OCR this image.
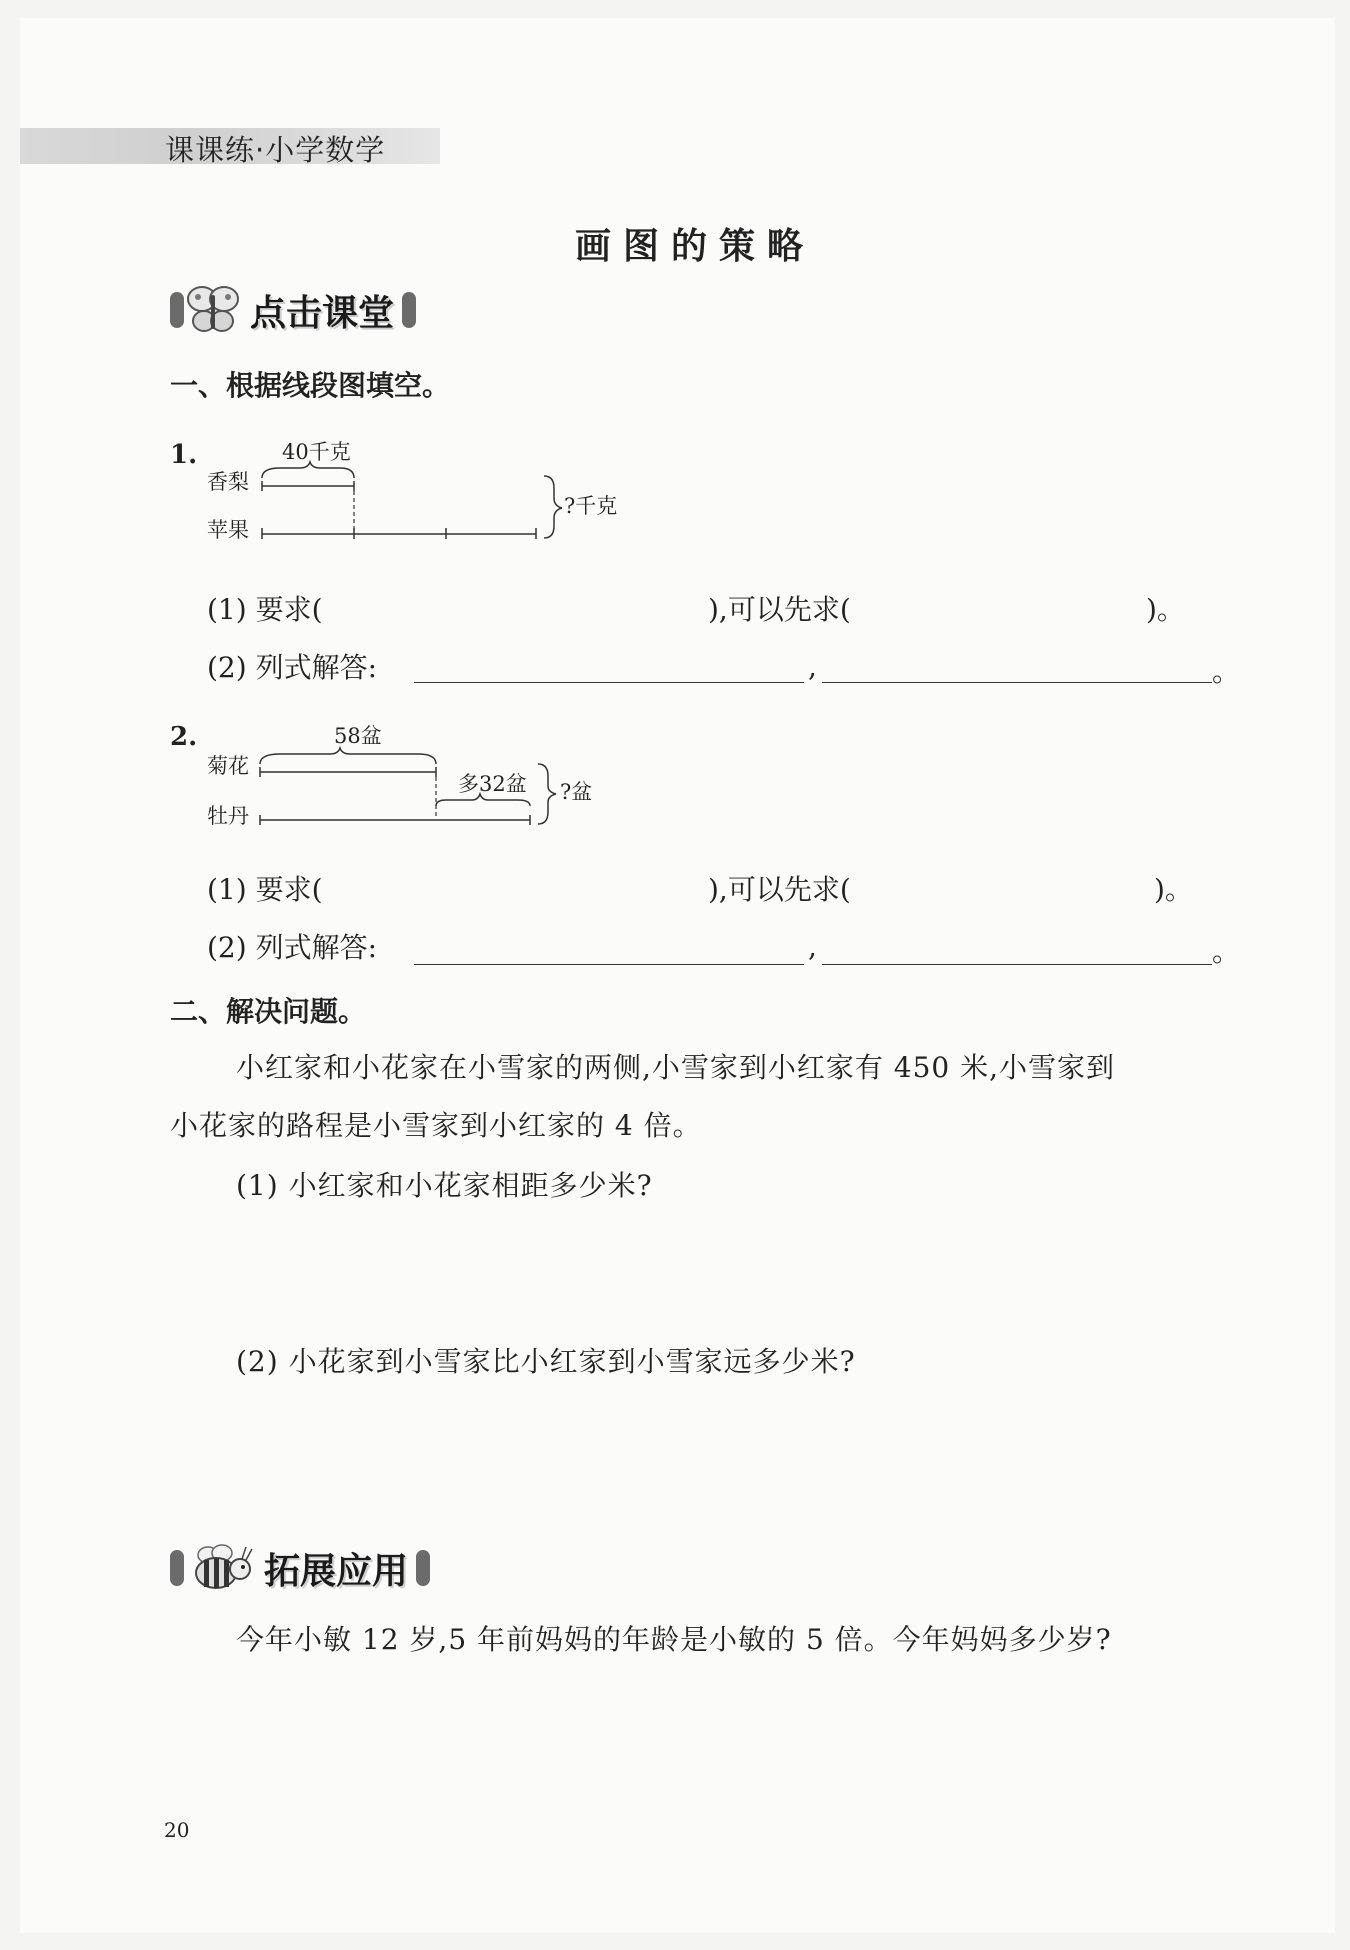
课课练·小学数学
画图的策略
点击课堂
一、根据线段图填空。
1.	40千克
香梨
苹果
?千克
(1) 要求(	),可以先求(	)。
(2) 列式解答:	,	。
2.	58盆
菊花
牡丹
多32盆 ?盆
(1) 要求(	),可以先求(	)。
(2) 列式解答:	,	。
二、解决问题。
小红家和小花家在小雪家的两侧,小雪家到小红家有 450 米,小雪家到
小花家的路程是小雪家到小红家的 4 倍。
(1) 小红家和小花家相距多少米?
(2) 小花家到小雪家比小红家到小雪家远多少米?
拓展应用
今年小敏 12 岁,5 年前妈妈的年龄是小敏的 5 倍。今年妈妈多少岁?
20
